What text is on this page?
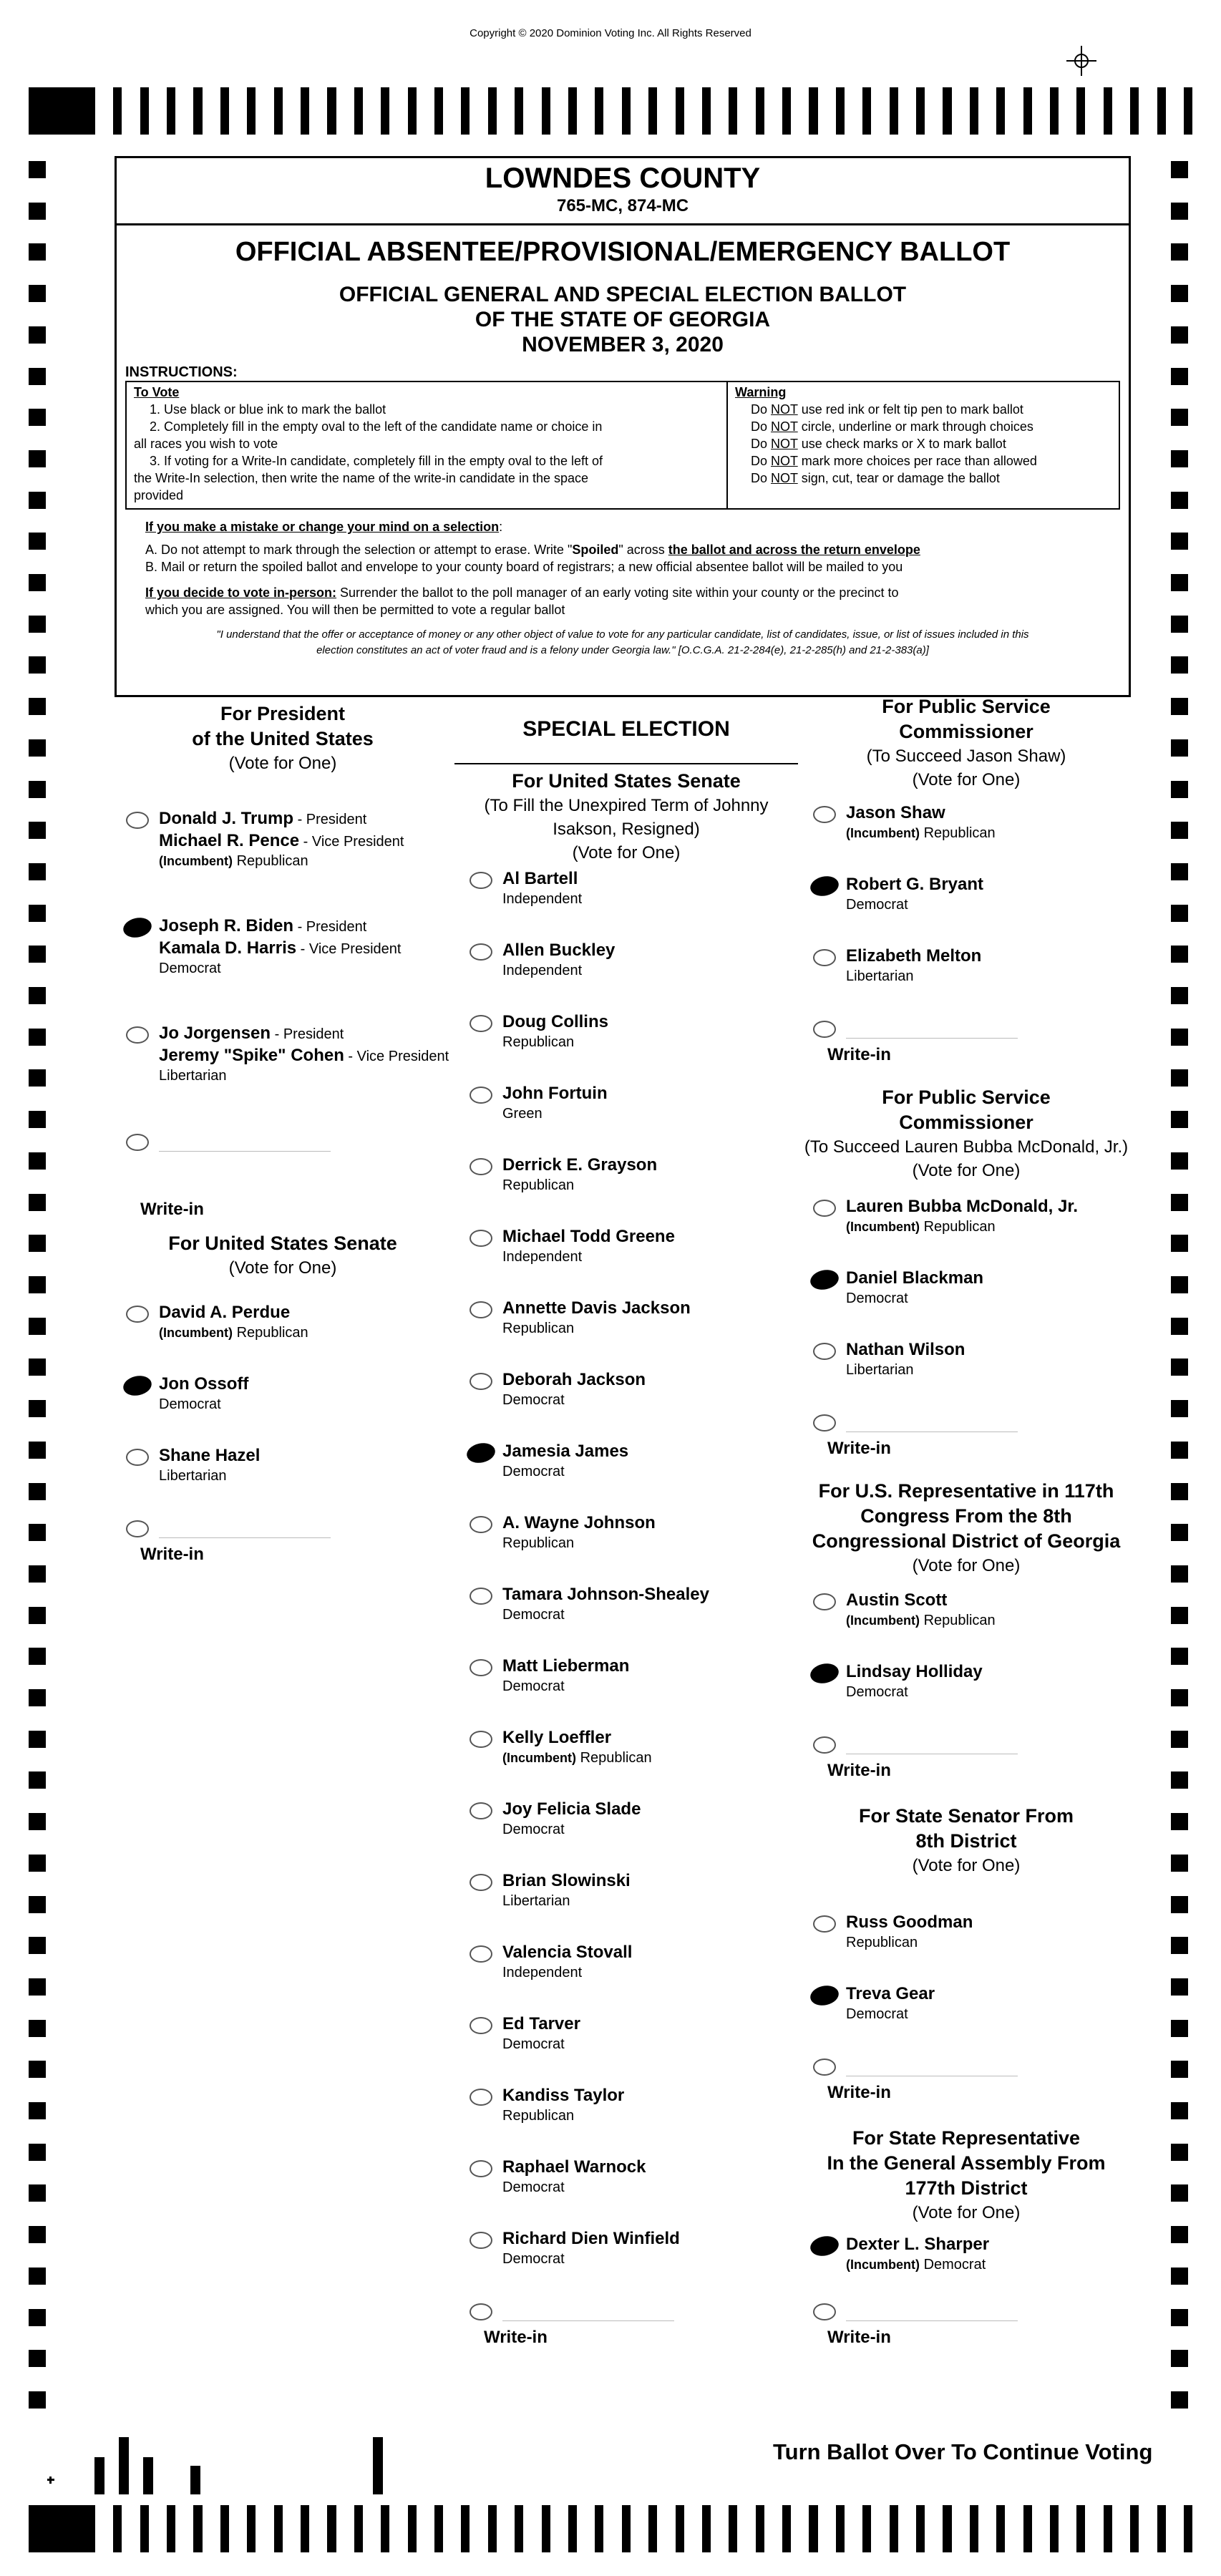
Copyright © 2020 Dominion Voting Inc. All Rights Reserved
LOWNDES COUNTY
765-MC, 874-MC
OFFICIAL ABSENTEE/PROVISIONAL/EMERGENCY BALLOT
OFFICIAL GENERAL AND SPECIAL ELECTION BALLOT
OF THE STATE OF GEORGIA
NOVEMBER 3, 2020
INSTRUCTIONS:
To Vote
1. Use black or blue ink to mark the ballot
2. Completely fill in the empty oval to the left of the candidate name or choice in
all races you wish to vote
3. If voting for a Write-In candidate, completely fill in the empty oval to the left of
the Write-In selection, then write the name of the write-in candidate in the space
provided
Warning
Do NOT use red ink or felt tip pen to mark ballot
Do NOT circle, underline or mark through choices
Do NOT use check marks or X to mark ballot
Do NOT mark more choices per race than allowed
Do NOT sign, cut, tear or damage the ballot
If you make a mistake or change your mind on a selection:
A. Do not attempt to mark through the selection or attempt to erase. Write "Spoiled" across the ballot and across the return envelope
B. Mail or return the spoiled ballot and envelope to your county board of registrars; a new official absentee ballot will be mailed to you
If you decide to vote in-person: Surrender the ballot to the poll manager of an early voting site within your county or the precinct to
which you are assigned. You will then be permitted to vote a regular ballot
"I understand that the offer or acceptance of money or any other object of value to vote for any particular candidate, list of candidates, issue, or list of issues included in this
election constitutes an act of voter fraud and is a felony under Georgia law." [O.C.G.A. 21-2-284(e), 21-2-285(h) and 21-2-383(a)]
For President
of the United States
(Vote for One)
Donald J. Trump - President
Michael R. Pence - Vice President
(Incumbent) Republican
Joseph R. Biden - President
Kamala D. Harris - Vice President
Democrat
Jo Jorgensen - President
Jeremy "Spike" Cohen - Vice President
Libertarian
Write-in
For United States Senate
(Vote for One)
David A. Perdue
(Incumbent) Republican
Jon Ossoff
Democrat
Shane Hazel
Libertarian
Write-in
SPECIAL ELECTION
For United States Senate
(To Fill the Unexpired Term of Johnny
Isakson, Resigned)
(Vote for One)
Al Bartell
Independent
Allen Buckley
Independent
Doug Collins
Republican
John Fortuin
Green
Derrick E. Grayson
Republican
Michael Todd Greene
Independent
Annette Davis Jackson
Republican
Deborah Jackson
Democrat
Jamesia James
Democrat
A. Wayne Johnson
Republican
Tamara Johnson-Shealey
Democrat
Matt Lieberman
Democrat
Kelly Loeffler
(Incumbent) Republican
Joy Felicia Slade
Democrat
Brian Slowinski
Libertarian
Valencia Stovall
Independent
Ed Tarver
Democrat
Kandiss Taylor
Republican
Raphael Warnock
Democrat
Richard Dien Winfield
Democrat
Write-in
For Public Service
Commissioner
(To Succeed Jason Shaw)
(Vote for One)
Jason Shaw
(Incumbent) Republican
Robert G. Bryant
Democrat
Elizabeth Melton
Libertarian
Write-in
For Public Service
Commissioner
(To Succeed Lauren Bubba McDonald, Jr.)
(Vote for One)
Lauren Bubba McDonald, Jr.
(Incumbent) Republican
Daniel Blackman
Democrat
Nathan Wilson
Libertarian
Write-in
For U.S. Representative in 117th
Congress From the 8th
Congressional District of Georgia
(Vote for One)
Austin Scott
(Incumbent) Republican
Lindsay Holliday
Democrat
Write-in
For State Senator From
8th District
(Vote for One)
Russ Goodman
Republican
Treva Gear
Democrat
Write-in
For State Representative
In the General Assembly From
177th District
(Vote for One)
Dexter L. Sharper
(Incumbent) Democrat
Write-in
Turn Ballot Over To Continue Voting
